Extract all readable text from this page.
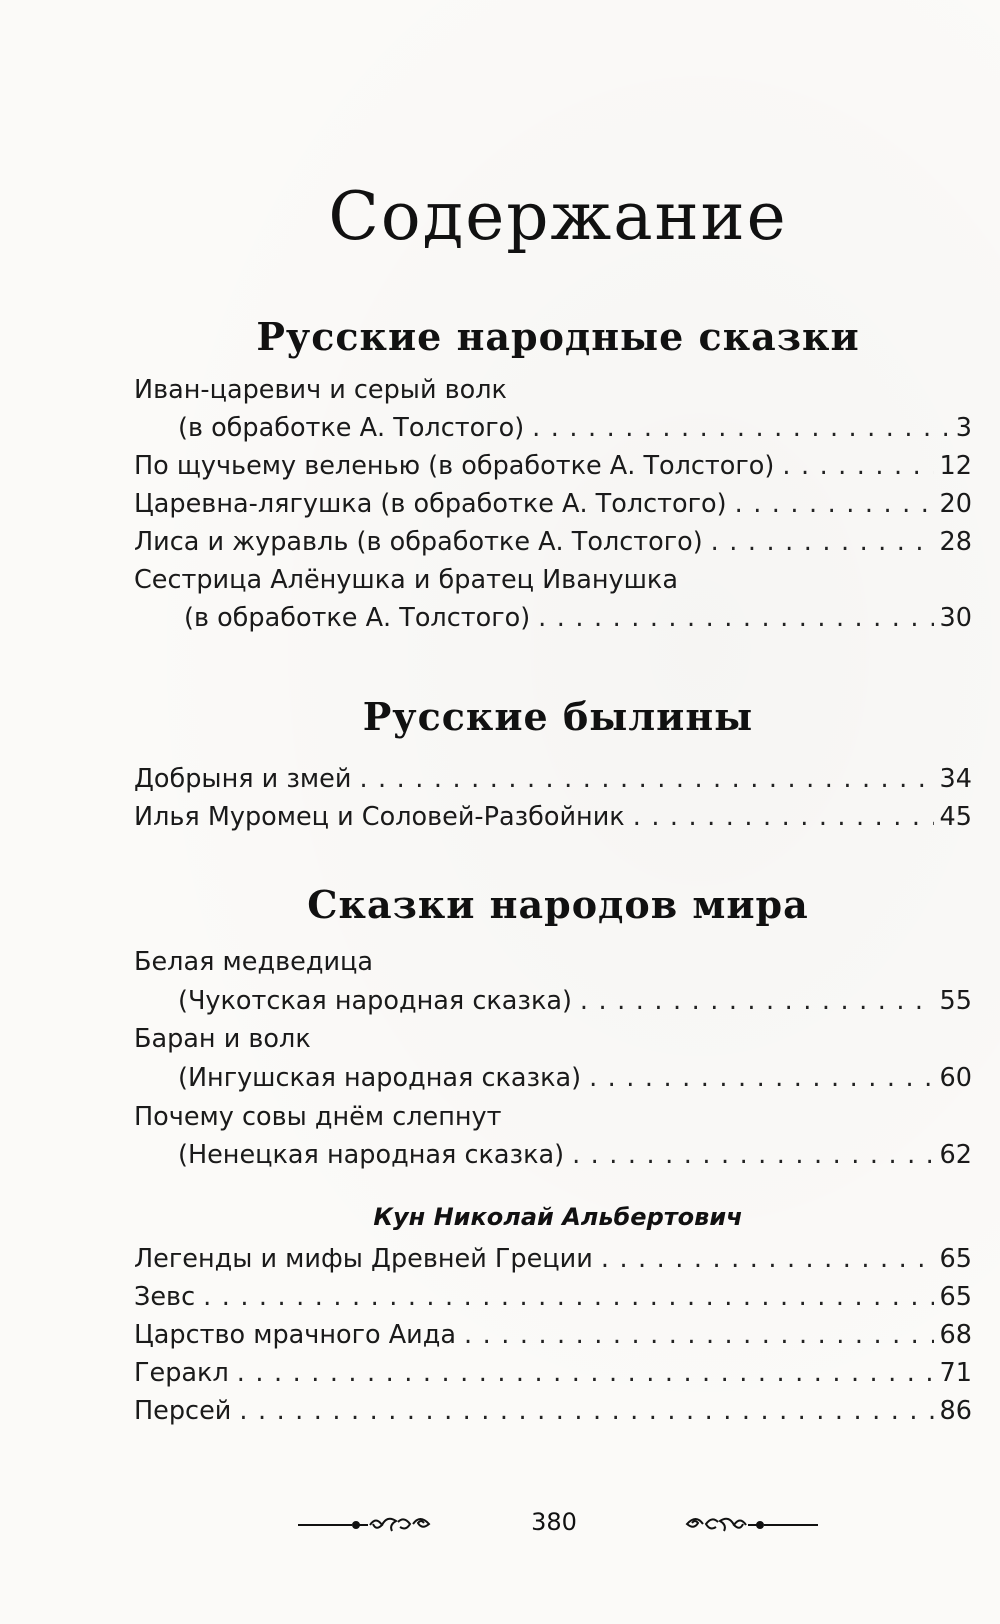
Содержание
Русские народные сказки
Иван-царевич и серый волк
(в обработке А. Толстого) . . .	3
По щучьему веленью (в обработке А. Толстого) . . .	12
Царевна-лягушка (в обработке А. Толстого) . . .	20
Лиса и журавль (в обработке А. Толстого) . . .	28
Сестрица Алёнушка и братец Иванушка
(в обработке А. Толстого) . . .	30
Русские былины
Добрыня и змей . . .	34
Илья Муромец и Соловей-Разбойник . . .	45
Сказки народов мира
Белая медведица
(Чукотская народная сказка) . . .	55
Баран и волк
(Ингушская народная сказка) . . .	60
Почему совы днём слепнут
(Ненецкая народная сказка) . . .	62
Кун Николай Альбертович
Легенды и мифы Древней Греции . . .	65
Зевс . . .	65
Царство мрачного Аида . . .	68
Геракл . . .	71
Персей . . .	86
380
